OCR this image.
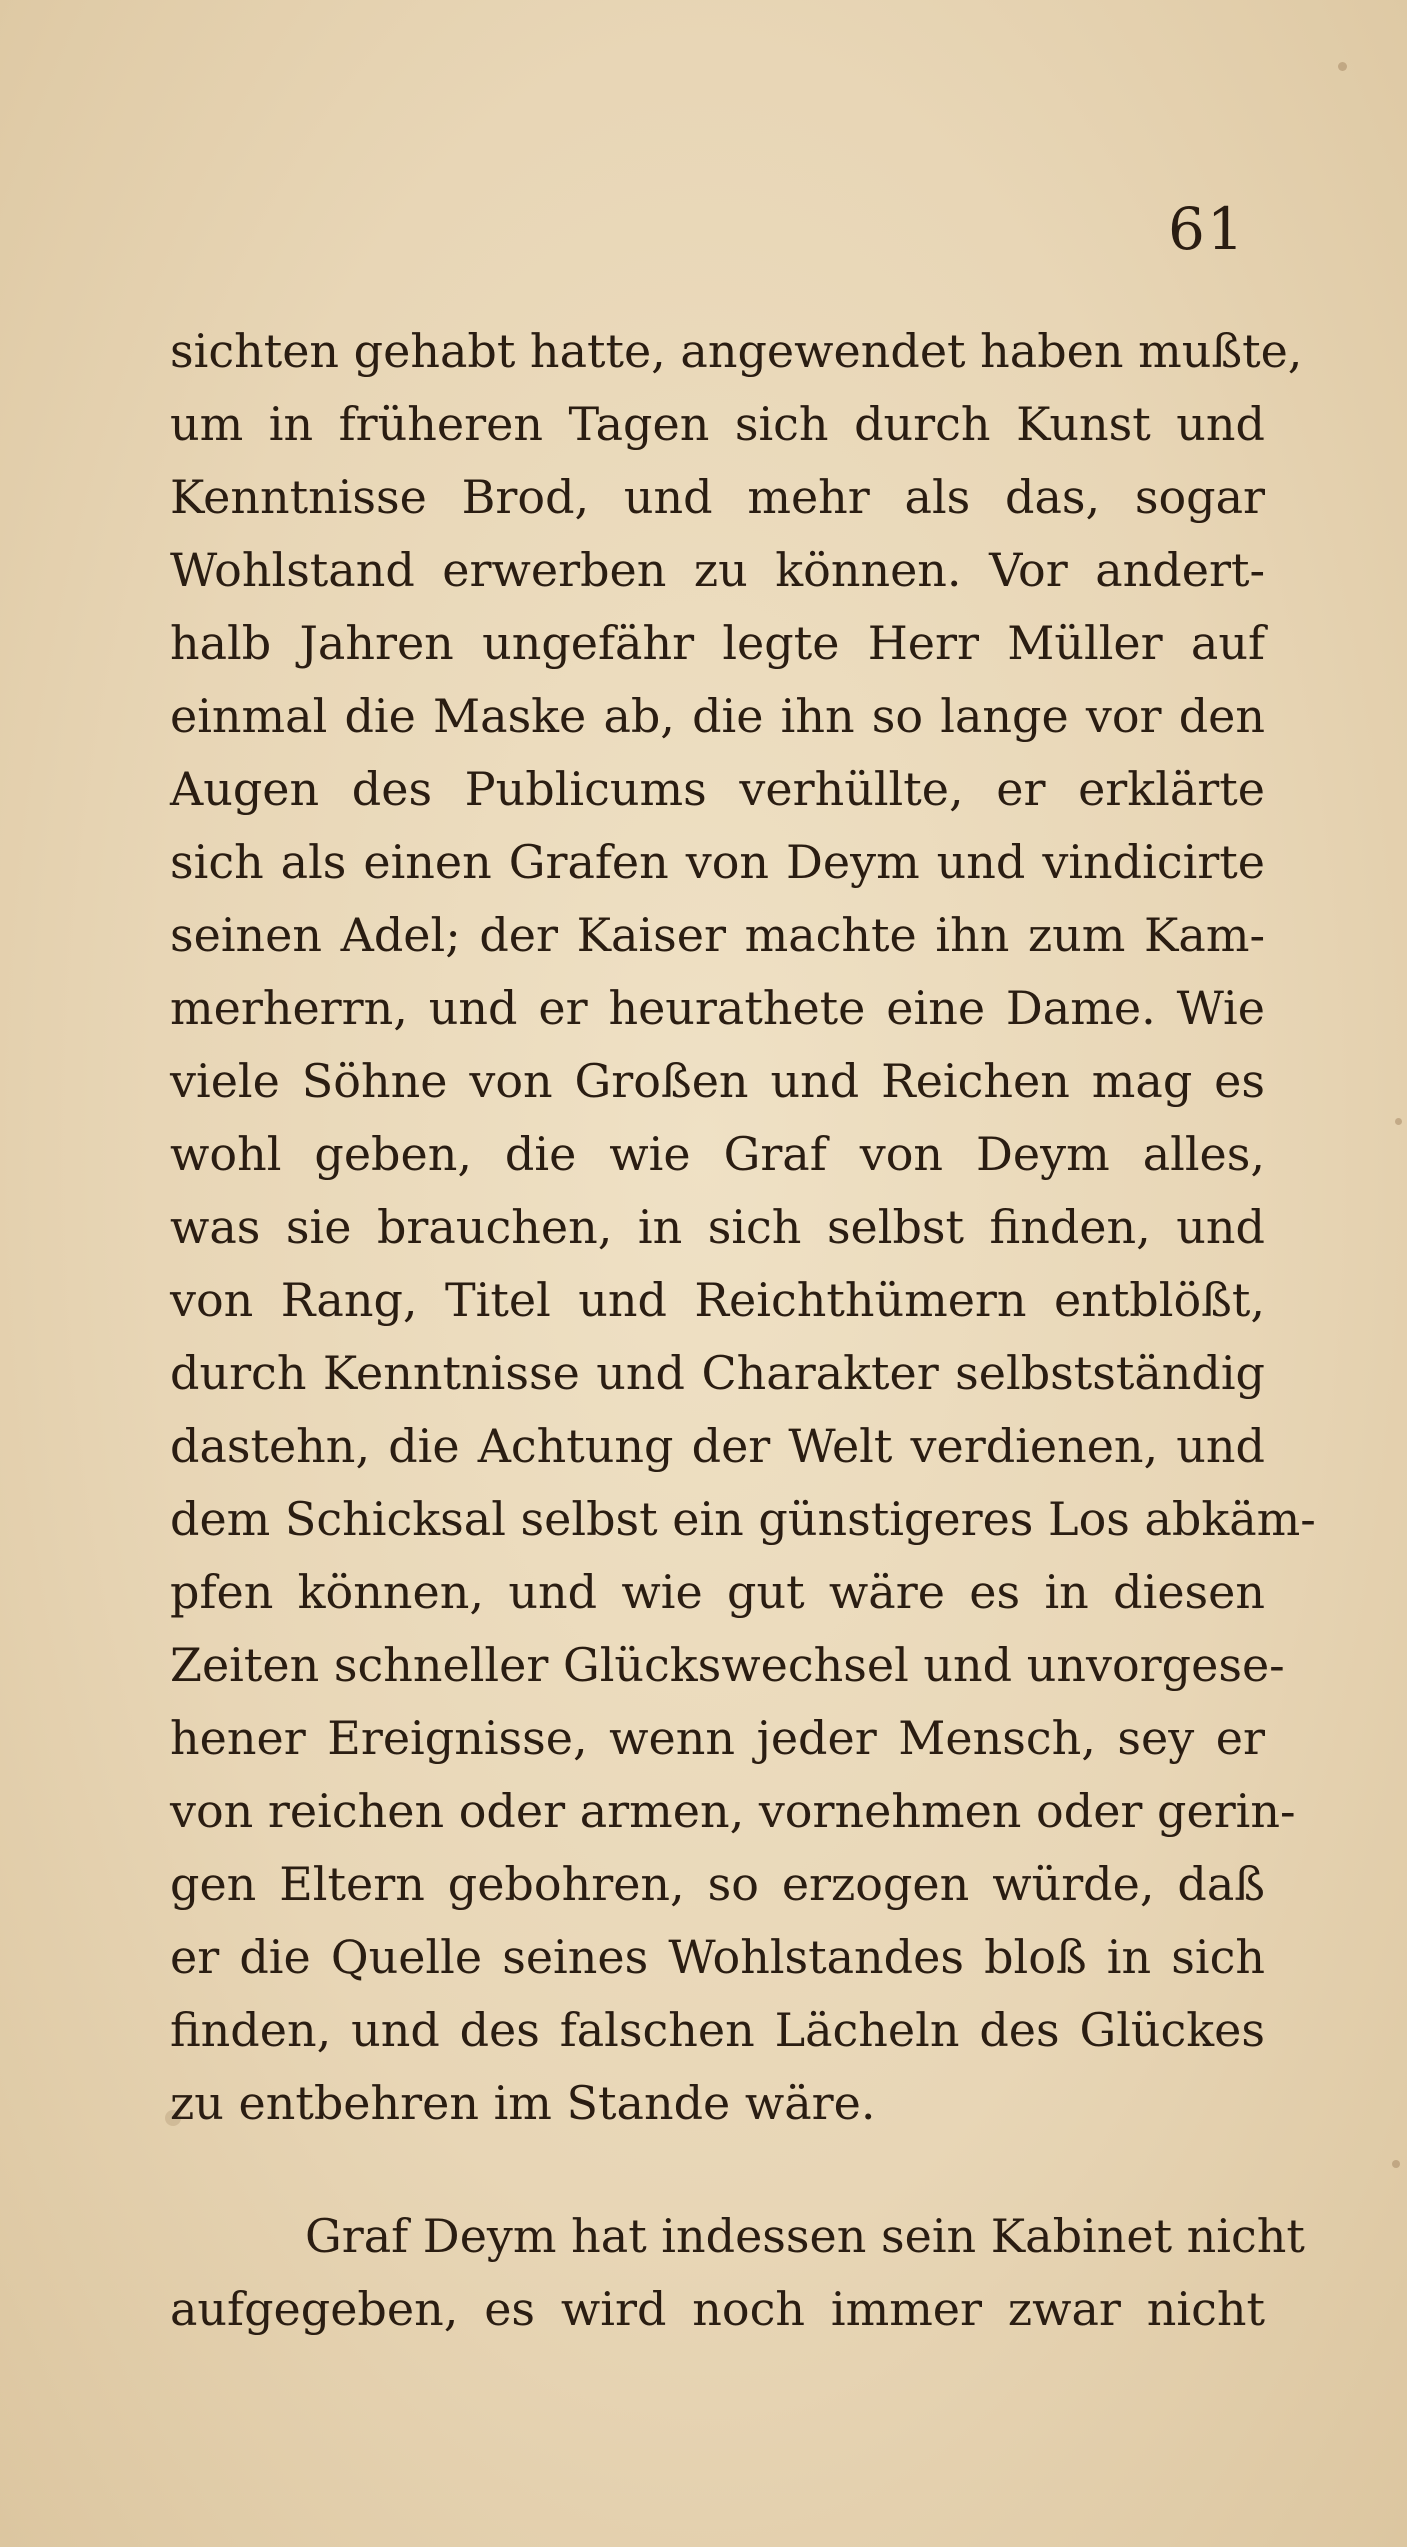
61
sichten gehabt hatte, angewendet haben mußte,
um in früheren Tagen sich durch Kunst und
Kenntnisse Brod, und mehr als das, sogar
Wohlstand erwerben zu können. Vor andert-
halb Jahren ungefähr legte Herr Müller auf
einmal die Maske ab, die ihn so lange vor den
Augen des Publicums verhüllte, er erklärte
sich als einen Grafen von Deym und vindicirte
seinen Adel; der Kaiser machte ihn zum Kam-
merherrn, und er heurathete eine Dame. Wie
viele Söhne von Großen und Reichen mag es
wohl geben, die wie Graf von Deym alles,
was sie brauchen, in sich selbst finden, und
von Rang, Titel und Reichthümern entblößt,
durch Kenntnisse und Charakter selbstständig
dastehn, die Achtung der Welt verdienen, und
dem Schicksal selbst ein günstigeres Los abkäm-
pfen können, und wie gut wäre es in diesen
Zeiten schneller Glückswechsel und unvorgese-
hener Ereignisse, wenn jeder Mensch, sey er
von reichen oder armen, vornehmen oder gerin-
gen Eltern gebohren, so erzogen würde, daß
er die Quelle seines Wohlstandes bloß in sich
finden, und des falschen Lächeln des Glückes
zu entbehren im Stande wäre.
Graf Deym hat indessen sein Kabinet nicht
aufgegeben, es wird noch immer zwar nicht
